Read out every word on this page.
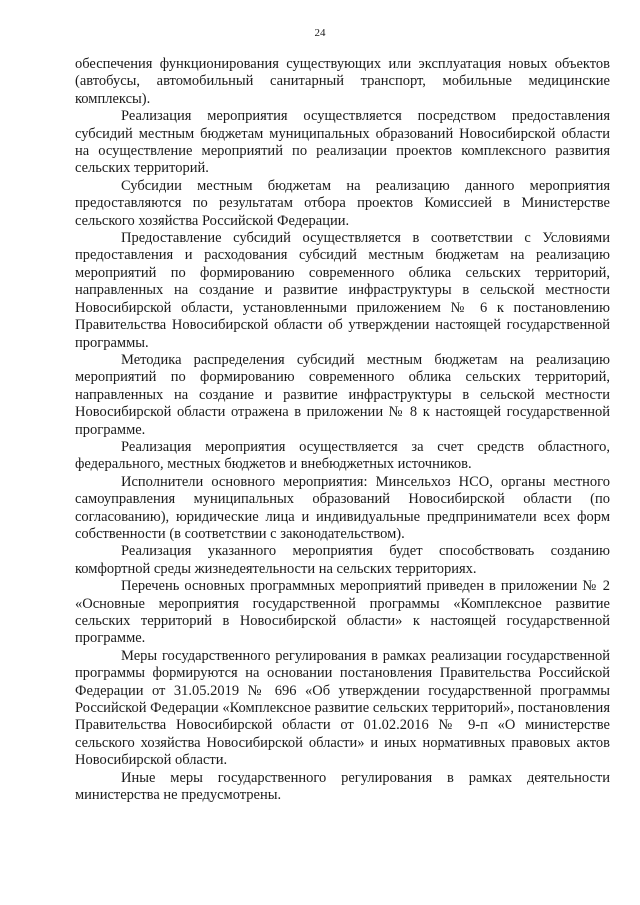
24

обеспечения функционирования существующих или эксплуатация новых объектов (автобусы, автомобильный санитарный транспорт, мобильные медицинские комплексы).

Реализация мероприятия осуществляется посредством предоставления субсидий местным бюджетам муниципальных образований Новосибирской области на осуществление мероприятий по реализации проектов комплексного развития сельских территорий.

Субсидии местным бюджетам на реализацию данного мероприятия предоставляются по результатам отбора проектов Комиссией в Министерстве сельского хозяйства Российской Федерации.

Предоставление субсидий осуществляется в соответствии с Условиями предоставления и расходования субсидий местным бюджетам на реализацию мероприятий по формированию современного облика сельских территорий, направленных на создание и развитие инфраструктуры в сельской местности Новосибирской области, установленными приложением № 6 к постановлению Правительства Новосибирской области об утверждении настоящей государственной программы.

Методика распределения субсидий местным бюджетам на реализацию мероприятий по формированию современного облика сельских территорий, направленных на создание и развитие инфраструктуры в сельской местности Новосибирской области отражена в приложении № 8 к настоящей государственной программе.

Реализация мероприятия осуществляется за счет средств областного, федерального, местных бюджетов и внебюджетных источников.

Исполнители основного мероприятия: Минсельхоз НСО, органы местного самоуправления муниципальных образований Новосибирской области (по согласованию), юридические лица и индивидуальные предприниматели всех форм собственности (в соответствии с законодательством).

Реализация указанного мероприятия будет способствовать созданию комфортной среды жизнедеятельности на сельских территориях.

Перечень основных программных мероприятий приведен в приложении № 2 «Основные мероприятия государственной программы «Комплексное развитие сельских территорий в Новосибирской области» к настоящей государственной программе.

Меры государственного регулирования в рамках реализации государственной программы формируются на основании постановления Правительства Российской Федерации от 31.05.2019 № 696 «Об утверждении государственной программы Российской Федерации «Комплексное развитие сельских территорий», постановления Правительства Новосибирской области от 01.02.2016 № 9-п «О министерстве сельского хозяйства Новосибирской области» и иных нормативных правовых актов Новосибирской области.

Иные меры государственного регулирования в рамках деятельности министерства не предусмотрены.
